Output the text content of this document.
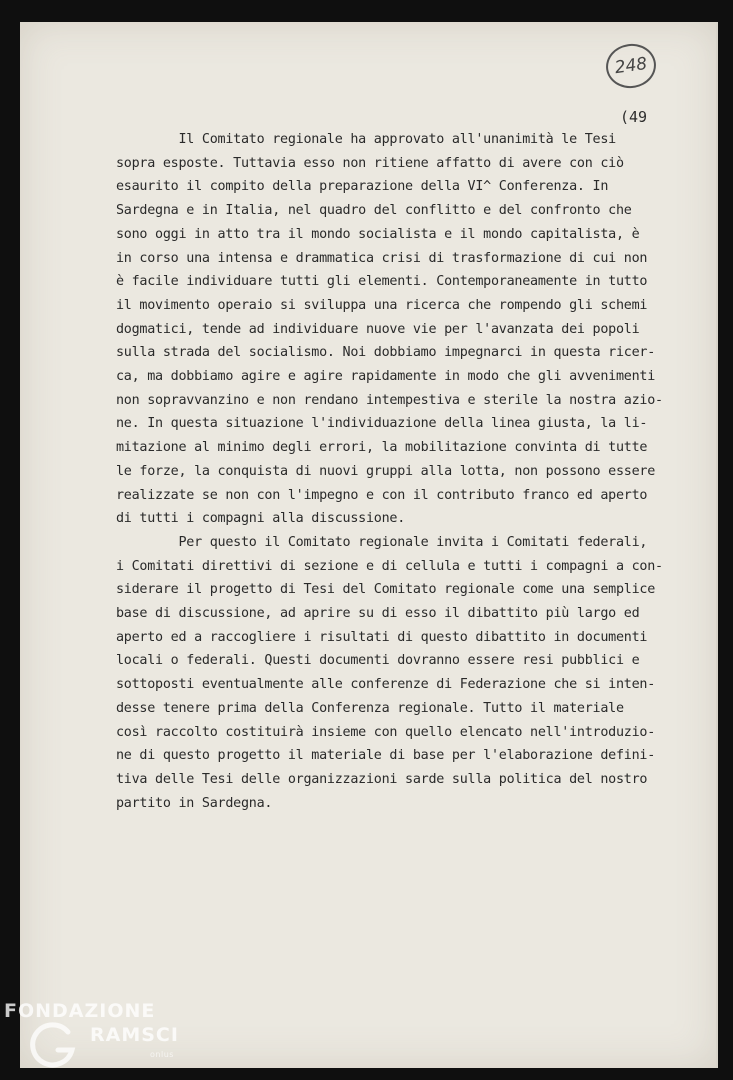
248
(49

Il Comitato regionale ha approvato all'unanimità le Tesi
sopra esposte. Tuttavia esso non ritiene affatto di avere con ciò
esaurito il compito della preparazione della VI^ Conferenza. In
Sardegna e in Italia, nel quadro del conflitto e del confronto che
sono oggi in atto tra il mondo socialista e il mondo capitalista, è
in corso una intensa e drammatica crisi di trasformazione di cui non
è facile individuare tutti gli elementi. Contemporaneamente in tutto
il movimento operaio si sviluppa una ricerca che rompendo gli schemi
dogmatici, tende ad individuare nuove vie per l'avanzata dei popoli
sulla strada del socialismo. Noi dobbiamo impegnarci in questa ricer-
ca, ma dobbiamo agire e agire rapidamente in modo che gli avvenimenti
non sopravvanzino e non rendano intempestiva e sterile la nostra azio-
ne. In questa situazione l'individuazione della linea giusta, la li-
mitazione al minimo degli errori, la mobilitazione convinta di tutte
le forze, la conquista di nuovi gruppi alla lotta, non possono essere
realizzate se non con l'impegno e con il contributo franco ed aperto
di tutti i compagni alla discussione.

Per questo il Comitato regionale invita i Comitati federali,
i Comitati direttivi di sezione e di cellula e tutti i compagni a con-
siderare il progetto di Tesi del Comitato regionale come una semplice
base di discussione, ad aprire su di esso il dibattito più largo ed
aperto ed a raccogliere i risultati di questo dibattito in documenti
locali o federali. Questi documenti dovranno essere resi pubblici e
sottoposti eventualmente alle conferenze di Federazione che si inten-
desse tenere prima della Conferenza regionale. Tutto il materiale
così raccolto costituirà insieme con quello elencato nell'introduzio-
ne di questo progetto il materiale di base per l'elaborazione defini-
tiva delle Tesi delle organizzazioni sarde sulla politica del nostro
partito in Sardegna.

FONDAZIONE
RAMSCI
onlus
